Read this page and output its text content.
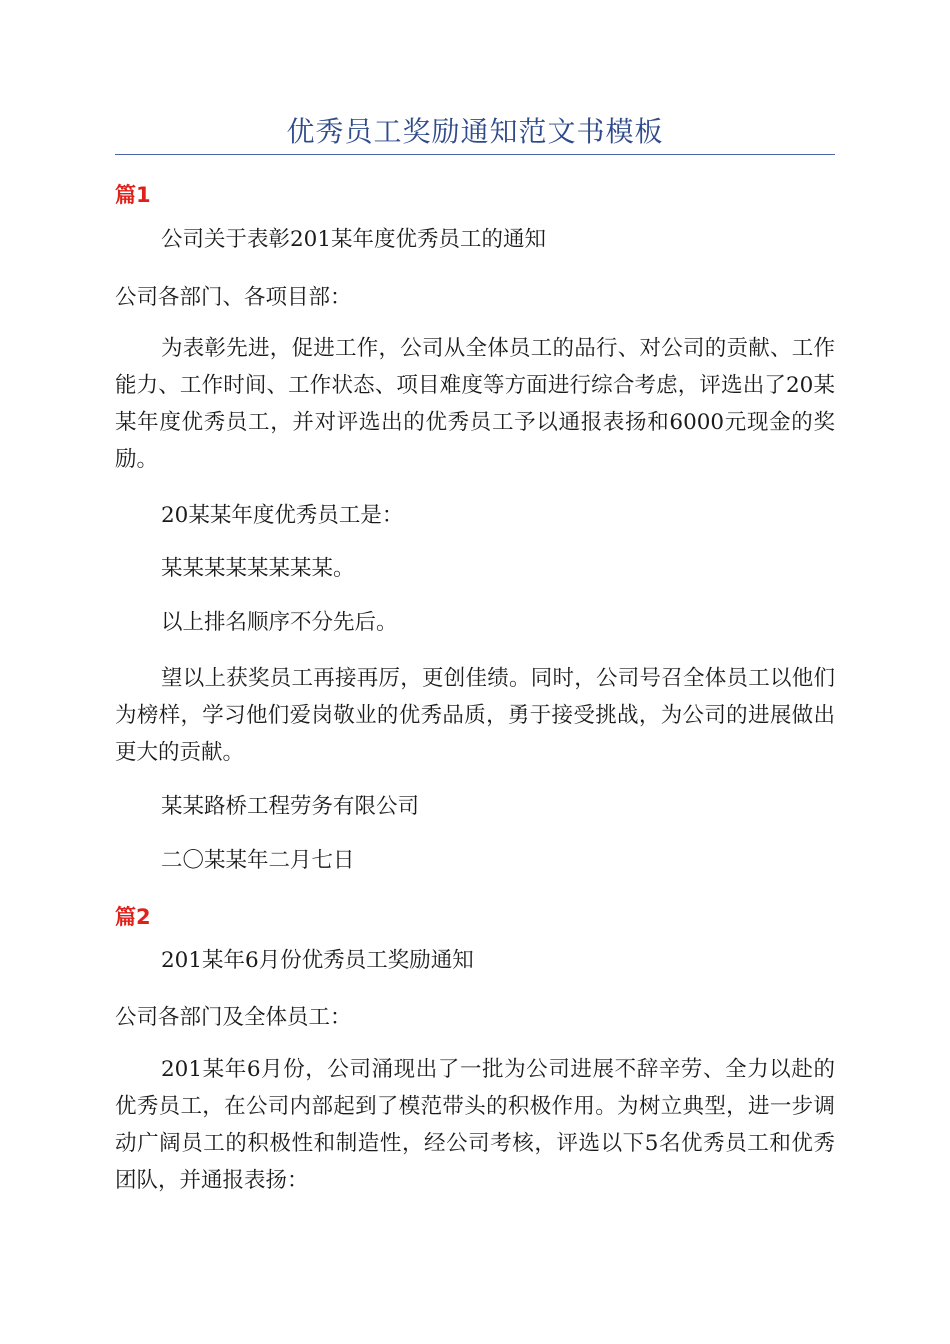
优秀员工奖励通知范文书模板
篇1

公司关于表彰201某年度优秀员工的通知

公司各部门、各项目部：

为表彰先进，促进工作，公司从全体员工的品行、对公司的贡献、工作能力、工作时间、工作状态、项目难度等方面进行综合考虑，评选出了20某某年度优秀员工，并对评选出的优秀员工予以通报表扬和6000元现金的奖励。

20某某年度优秀员工是：

某某某某某某某某。

以上排名顺序不分先后。

望以上获奖员工再接再厉，更创佳绩。同时，公司号召全体员工以他们为榜样，学习他们爱岗敬业的优秀品质，勇于接受挑战，为公司的进展做出更大的贡献。

某某路桥工程劳务有限公司

二〇某某年二月七日

篇2

201某年6月份优秀员工奖励通知

公司各部门及全体员工：

201某年6月份，公司涌现出了一批为公司进展不辞辛劳、全力以赴的优秀员工，在公司内部起到了模范带头的积极作用。为树立典型，进一步调动广阔员工的积极性和制造性，经公司考核，评选以下5名优秀员工和优秀团队，并通报表扬：
